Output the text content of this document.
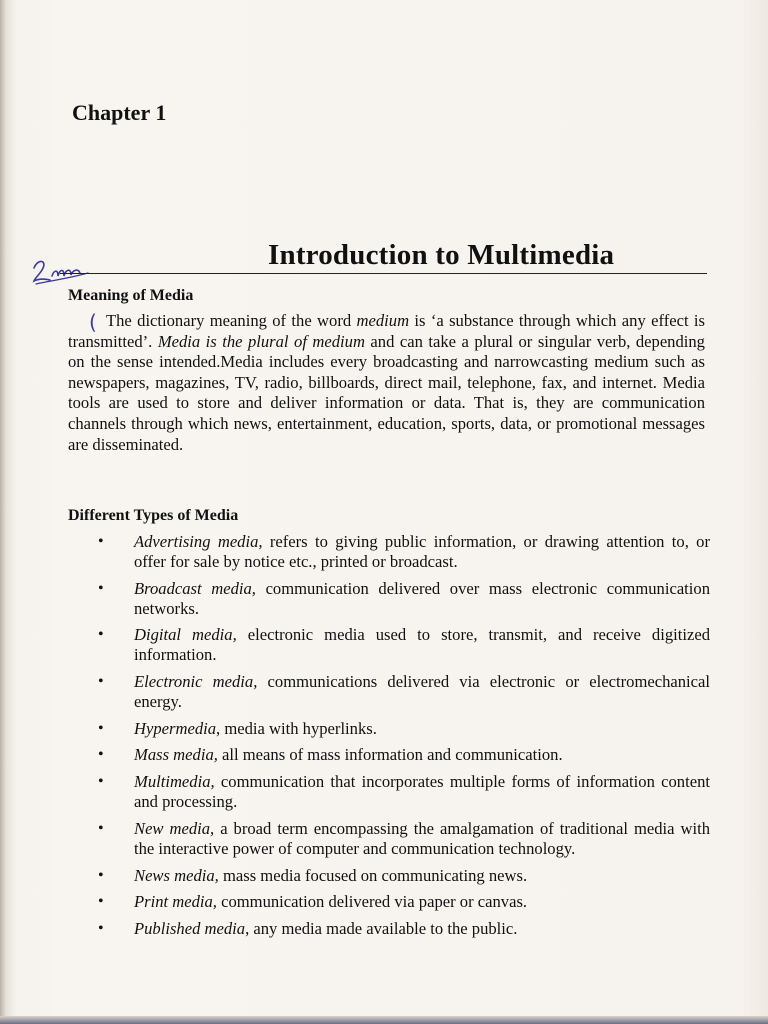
Chapter 1
Introduction to Multimedia
Meaning of Media
( The dictionary meaning of the word medium is ‘a substance through which any effect is transmitted’. Media is the plural of medium and can take a plural or singular verb, depending on the sense intended.Media includes every broadcasting and narrowcasting medium such as newspapers, magazines, TV, radio, billboards, direct mail, telephone, fax, and internet. Media tools are used to store and deliver information or data. That is, they are communication channels through which news, entertainment, education, sports, data, or promotional messages are disseminated.
Different Types of Media
• Advertising media, refers to giving public information, or drawing attention to, or offer for sale by notice etc., printed or broadcast.
• Broadcast media, communication delivered over mass electronic communication networks.
• Digital media, electronic media used to store, transmit, and receive digitized information.
• Electronic media, communications delivered via electronic or electromechanical energy.
• Hypermedia, media with hyperlinks.
• Mass media, all means of mass information and communication.
• Multimedia, communication that incorporates multiple forms of information content and processing.
• New media, a broad term encompassing the amalgamation of traditional media with the interactive power of computer and communication technology.
• News media, mass media focused on communicating news.
• Print media, communication delivered via paper or canvas.
• Published media, any media made available to the public.
